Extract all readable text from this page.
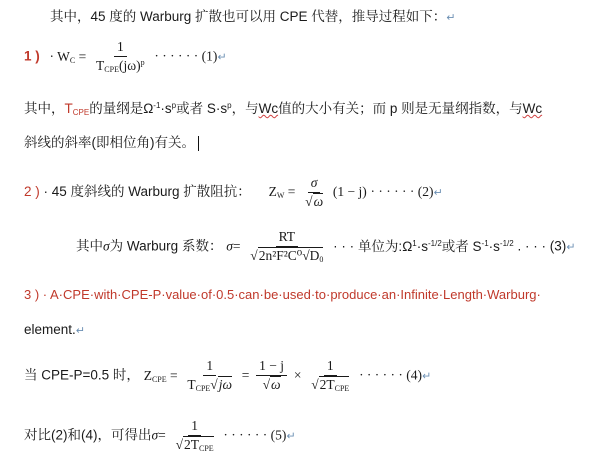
其中，45 度的 Warburg 扩散也可以用 CPE 代替，推导过程如下：↵
1 ) · $W_C = \frac{1}{T_{CPE}(j\omega)^p}$ · · · · · · (1)↵
其中，$T_{CPE}$的量纲是$\Omega^{-1}\cdot s^p$或者 $S\cdot s^p$，与Wc值的大小有关；而 p 则是无量纲指数，与Wc
斜线的斜率(即相位角)有关。
2 ) · 45 度斜线的 Warburg 扩散阻抗： $Z_W = \frac{\sigma}{√\omega} (1 - j)$ · · · · · · (2)↵
其中σ为 Warburg 系数： $\sigma= \frac{RT}{√2n^2F^2C^0√D_0}$ · · · 单位为$:\Omega^1\cdot s^{-1/2}$或者 $S^{-1}\cdot s^{-1/2}$ . · · · (3)↵
3 ) · A·CPE·with·CPE-P·value·of·0.5·can·be·used·to·produce·an·Infinite·Length·Warburg·
element.↵
当 CPE-P=0.5 时， $Z_{CPE} = \frac{1}{T_{CPE}√j\omega} = \frac{1 - j}{√\omega} \times \frac{1}{√2T_{CPE}}$ · · · · · · (4)↵
对比(2)和(4)，可得出$\sigma= \frac{1}{√2T_{CPE}}$ · · · · · · (5)↵
